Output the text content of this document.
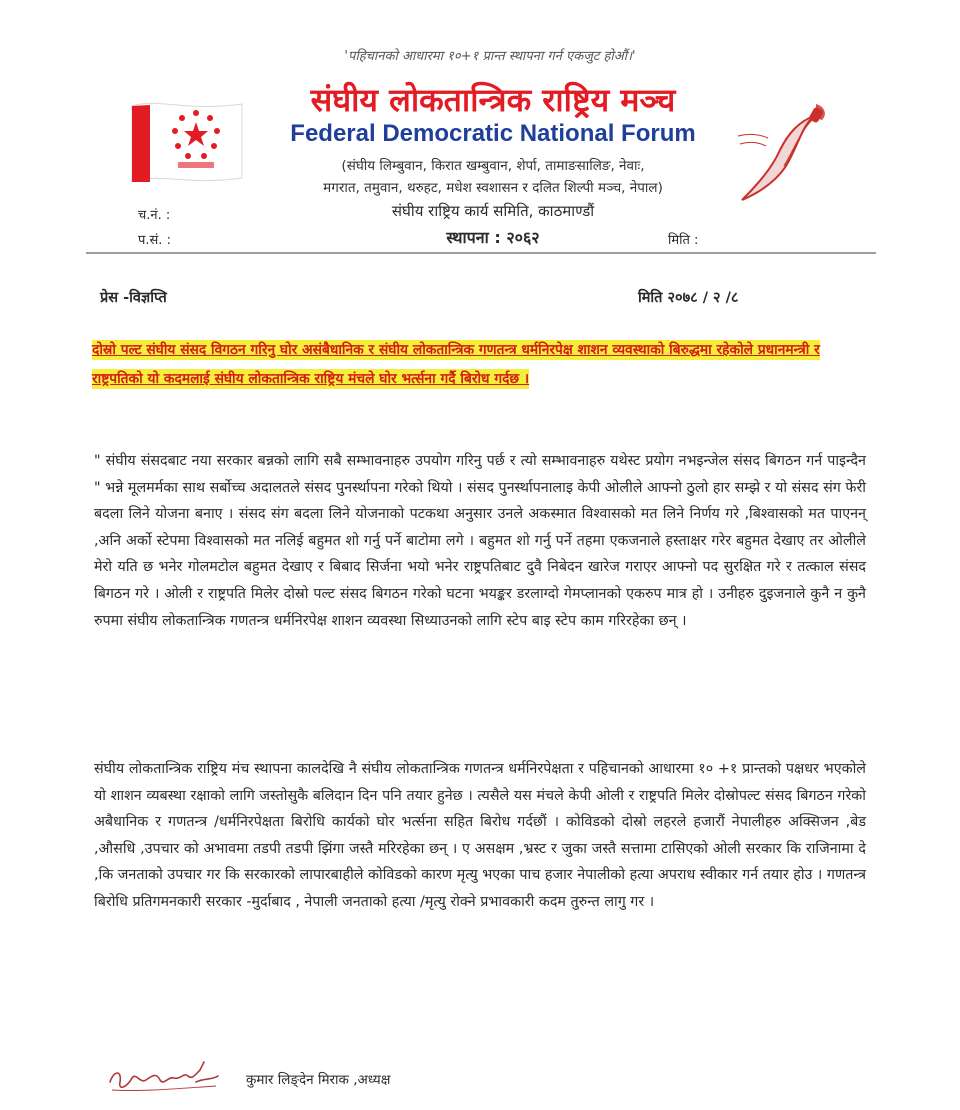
'पहिचानको आधारमा १०+१ प्रान्त स्थापना गर्न एकजुट होऔं।'
संघीय लोकतान्त्रिक राष्ट्रिय मञ्च
Federal Democratic National Forum
(संघीय लिम्बुवान, किरात खम्बुवान, शेर्पा, तामाङसालिङ, नेवाः,
मगरात, तमुवान, थरुहट, मधेश स्वशासन र दलित शिल्पी मञ्च, नेपाल)
संघीय राष्ट्रिय कार्य समिति, काठमाण्डौं
स्थापना : २०६२
च.नं. :
प.सं. :	मिति :
प्रेस -विज्ञप्ति	मिति २०७८ / २ /८
दोस्रो पल्ट संघीय संसद विगठन गरिनु घोर असंबैधानिक र संघीय लोकतान्त्रिक गणतन्त्र धर्मनिरपेक्ष शाशन व्यवस्थाको बिरुद्धमा रहेकोले प्रधानमन्त्री र राष्ट्रपतिको यो कदमलाई संघीय लोकतान्त्रिक राष्ट्रिय मंचले घोर भर्त्सना गर्दै बिरोध गर्दछ ।
" संघीय संसदबाट नया सरकार बन्नको लागि सबै सम्भावनाहरु उपयोग गरिनु पर्छ र त्यो सम्भावनाहरु यथेस्ट प्रयोग नभइन्जेल संसद बिगठन गर्न पाइन्दैन " भन्ने मूलमर्मका साथ सर्बोच्च अदालतले संसद पुनर्स्थापना गरेको थियो । संसद पुनर्स्थापनालाइ केपी ओलीले आफ्नो ठुलो हार सम्झे र यो संसद संग फेरी बदला लिने योजना बनाए । संसद संग बदला लिने योजनाको पटकथा अनुसार उनले अकस्मात विश्वासको मत लिने निर्णय गरे ,बिश्वासको मत पाएनन् ,अनि अर्को स्टेपमा विश्वासको मत नलिई बहुमत शो गर्नु पर्ने बाटोमा लगे । बहुमत शो गर्नु पर्ने तहमा एकजनाले हस्ताक्षर गरेर बहुमत देखाए तर ओलीले मेरो यति छ भनेर गोलमटोल बहुमत देखाए र बिबाद सिर्जना भयो भनेर राष्ट्रपतिबाट दुवै निबेदन खारेज गराएर आफ्नो पद सुरक्षित गरे र तत्काल संसद बिगठन गरे । ओली र राष्ट्रपति मिलेर दोस्रो पल्ट संसद बिगठन गरेको घटना भयङ्कर डरलाग्दो गेमप्लानको एकरुप मात्र हो । उनीहरु दुइजनाले कुनै न कुनै रुपमा संघीय लोकतान्त्रिक गणतन्त्र धर्मनिरपेक्ष शाशन व्यवस्था सिध्याउनको लागि स्टेप बाइ स्टेप काम गरिरहेका छन् ।
संघीय लोकतान्त्रिक राष्ट्रिय मंच स्थापना कालदेखि नै संघीय लोकतान्त्रिक गणतन्त्र धर्मनिरपेक्षता र पहिचानको आधारमा १० +१ प्रान्तको पक्षधर भएकोले यो शाशन व्यबस्था रक्षाको लागि जस्तोसुकै बलिदान दिन पनि तयार हुनेछ । त्यसैले यस मंचले केपी ओली र राष्ट्रपति मिलेर दोस्रोपल्ट संसद बिगठन गरेको अबैधानिक र गणतन्त्र /धर्मनिरपेक्षता बिरोधि कार्यको घोर भर्त्सना सहित बिरोध गर्दछौं । कोविडको दोस्रो लहरले हजारौं नेपालीहरु अक्सिजन ,बेड ,औसधि ,उपचार को अभावमा तडपी तडपी झिंगा जस्तै मरिरहेका छन् । ए असक्षम ,भ्रस्ट र जुका जस्तै सत्तामा टासिएको ओली सरकार कि राजिनामा दे ,कि जनताको उपचार गर कि सरकारको लापारबाहीले कोविडको कारण मृत्यु भएका पाच हजार नेपालीको हत्या अपराध स्वीकार गर्न तयार होउ । गणतन्त्र बिरोधि प्रतिगमनकारी सरकार -मुर्दाबाद , नेपाली जनताको हत्या /मृत्यु रोक्ने प्रभावकारी कदम तुरुन्त लागु गर ।
कुमार लिङ्देन मिराक ,अध्यक्ष
